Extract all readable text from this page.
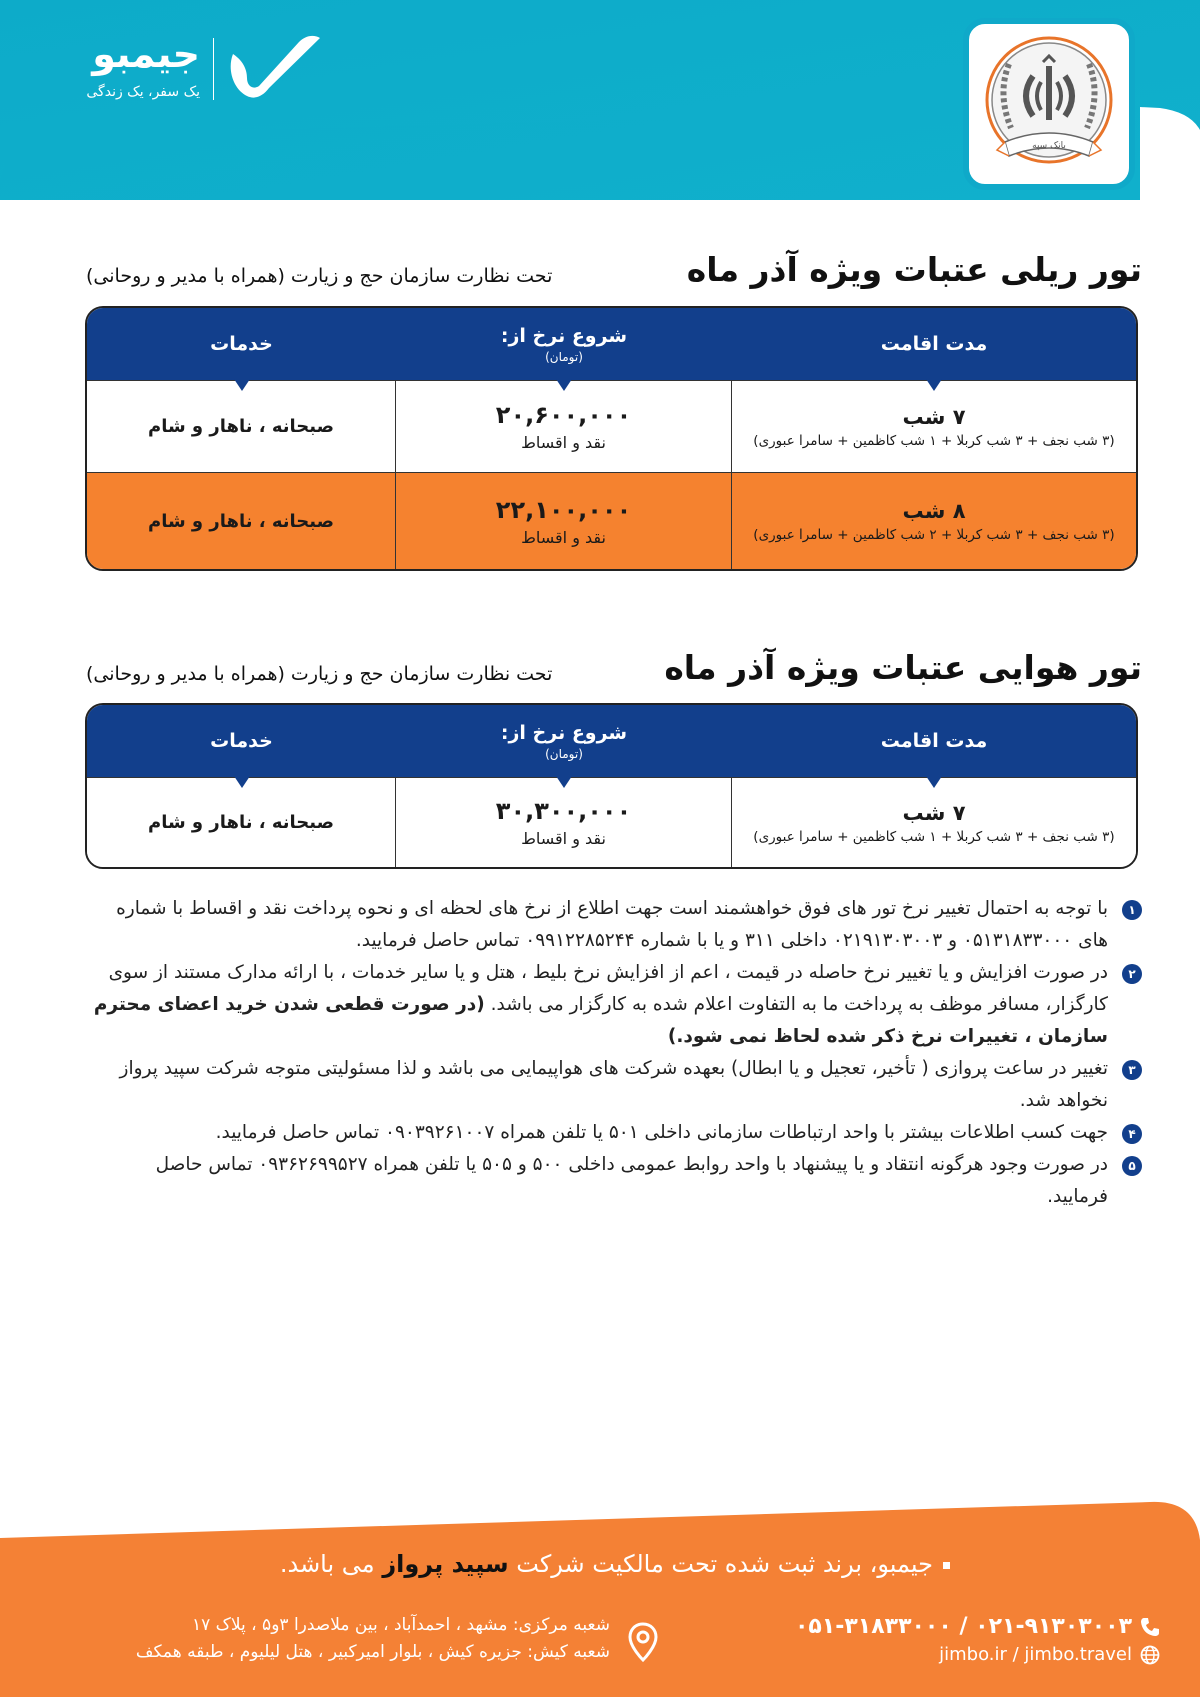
جیمبو
یک سفر، یک زندگی
بانک سپه
تور ریلی عتبات ویژه آذر ماه
تحت نظارت سازمان حج و زیارت (همراه با مدیر و روحانی)
مدت اقامت
شروع نرخ از:
(تومان)
خدمات
۷ شب
(۳ شب نجف + ۳ شب کربلا + ۱ شب کاظمین + سامرا عبوری)
۲۰,۶۰۰,۰۰۰
نقد و اقساط
صبحانه ، ناهار و شام
۸ شب
(۳ شب نجف + ۳ شب کربلا + ۲ شب کاظمین + سامرا عبوری)
۲۲,۱۰۰,۰۰۰
نقد و اقساط
صبحانه ، ناهار و شام
تور هوایی عتبات ویژه آذر ماه
تحت نظارت سازمان حج و زیارت (همراه با مدیر و روحانی)
مدت اقامت
شروع نرخ از:
(تومان)
خدمات
۷ شب
(۳ شب نجف + ۳ شب کربلا + ۱ شب کاظمین + سامرا عبوری)
۳۰,۳۰۰,۰۰۰
نقد و اقساط
صبحانه ، ناهار و شام
۱
با توجه به احتمال تغییر نرخ تور های فوق خواهشمند است جهت اطلاع از نرخ های لحظه ای و نحوه پرداخت نقد و اقساط با شماره های ۰۵۱۳۱۸۳۳۰۰۰ و ۰۲۱۹۱۳۰۳۰۰۳ داخلی ۳۱۱ و یا با شماره ۰۹۹۱۲۲۸۵۲۴۴ تماس حاصل فرمایید.
۲
در صورت افزایش و یا تغییر نرخ حاصله در قیمت ، اعم از افزایش نرخ بلیط ، هتل و یا سایر خدمات ، با ارائه مدارک مستند از سوی کارگزار، مسافر موظف به پرداخت ما به التفاوت اعلام شده به کارگزار می باشد. (در صورت قطعی شدن خرید اعضای محترم سازمان ، تغییرات نرخ ذکر شده لحاظ نمی شود.)
۳
تغییر در ساعت پروازی ( تأخیر، تعجیل و یا ابطال) بعهده شرکت های هواپیمایی می باشد و لذا مسئولیتی متوجه شرکت سپید پرواز نخواهد شد.
۴
جهت کسب اطلاعات بیشتر با واحد ارتباطات سازمانی داخلی ۵۰۱ یا تلفن همراه ۰۹۰۳۹۲۶۱۰۰۷ تماس حاصل فرمایید.
۵
در صورت وجود هرگونه انتقاد و یا پیشنهاد با واحد روابط عمومی داخلی ۵۰۰ و ۵۰۵ یا تلفن همراه ۰۹۳۶۲۶۹۹۵۲۷ تماس حاصل فرمایید.
جیمبو، برند ثبت شده تحت مالکیت شرکت سپید پرواز می باشد.
شعبه مرکزی: مشهد ، احمدآباد ، بین ملاصدرا ۳و۵ ، پلاک ۱۷
شعبه کیش: جزیره کیش ، بلوار امیرکبیر ، هتل لیلیوم ، طبقه همکف
۰۲۱-۹۱۳۰۳۰۰۳ / ۰۵۱-۳۱۸۳۳۰۰۰
jimbo.ir / jimbo.travel
